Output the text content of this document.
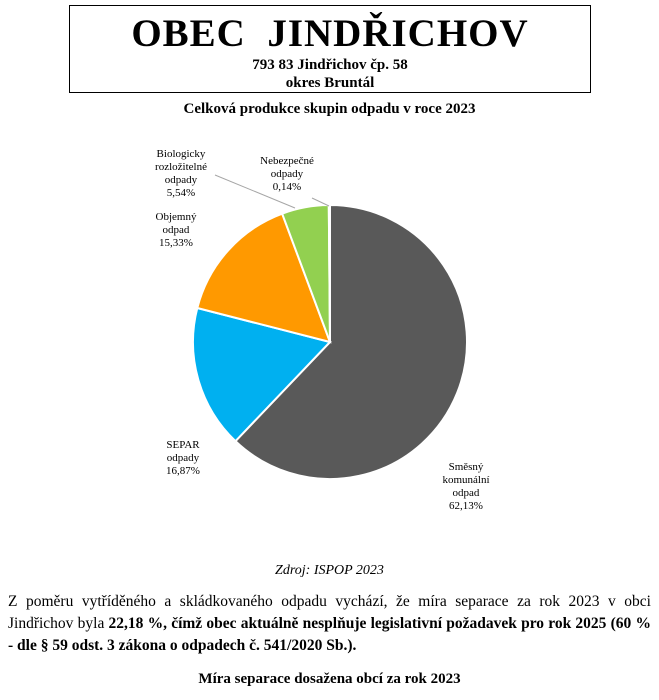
OBEC  JINDŘICHOV
793 83 Jindřichov čp. 58
okres Bruntál
Celková produkce skupin odpadu v roce 2023
Směsný komunální odpad 62,13%
SEPAR odpady 16,87%
Objemný odpad 15,33%
Biologicky rozložitelné odpady 5,54%
Nebezpečné odpady 0,14%
Zdroj: ISPOP 2023
Z poměru vytříděného a skládkovaného odpadu vychází, že míra separace za rok 2023 v obci Jindřichov byla 22,18 %, čímž obec aktuálně nesplňuje legislativní požadavek pro rok 2025 (60 % - dle § 59 odst. 3 zákona o odpadech č. 541/2020 Sb.).
Míra separace dosažena obcí za rok 2023
